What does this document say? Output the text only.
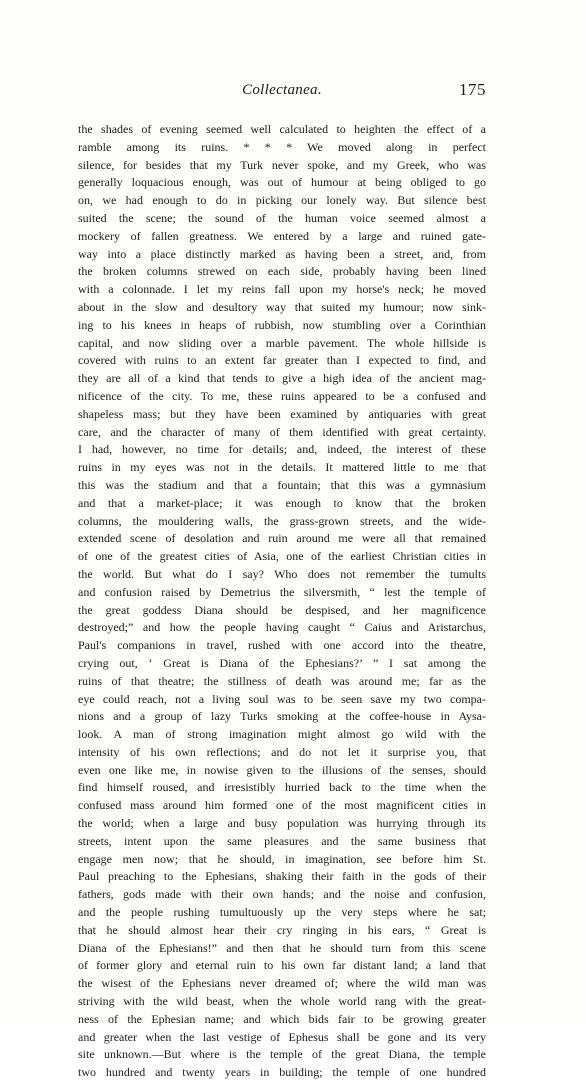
Collectanea.	175
the shades of evening seemed well calculated to heighten the effect of a
ramble among its ruins. * * * We moved along in perfect
silence, for besides that my Turk never spoke, and my Greek, who was
generally loquacious enough, was out of humour at being obliged to go
on, we had enough to do in picking our lonely way. But silence best
suited the scene; the sound of the human voice seemed almost a
mockery of fallen greatness. We entered by a large and ruined gate-
way into a place distinctly marked as having been a street, and, from
the broken columns strewed on each side, probably having been lined
with a colonnade. I let my reins fall upon my horse's neck; he moved
about in the slow and desultory way that suited my humour; now sink-
ing to his knees in heaps of rubbish, now stumbling over a Corinthian
capital, and now sliding over a marble pavement. The whole hillside is
covered with ruins to an extent far greater than I expected to find, and
they are all of a kind that tends to give a high idea of the ancient mag-
nificence of the city. To me, these ruins appeared to be a confused and
shapeless mass; but they have been examined by antiquaries with great
care, and the character of many of them identified with great certainty.
I had, however, no time for details; and, indeed, the interest of these
ruins in my eyes was not in the details. It mattered little to me that
this was the stadium and that a fountain; that this was a gymnasium
and that a market-place; it was enough to know that the broken
columns, the mouldering walls, the grass-grown streets, and the wide-
extended scene of desolation and ruin around me were all that remained
of one of the greatest cities of Asia, one of the earliest Christian cities in
the world. But what do I say? Who does not remember the tumults
and confusion raised by Demetrius the silversmith, “ lest the temple of
the great goddess Diana should be despised, and her magnificence
destroyed;” and how the people having caught “ Caius and Aristarchus,
Paul's companions in travel, rushed with one accord into the theatre,
crying out, ‘ Great is Diana of the Ephesians?’ ” I sat among the
ruins of that theatre; the stillness of death was around me; far as the
eye could reach, not a living soul was to be seen save my two compa-
nions and a group of lazy Turks smoking at the coffee-house in Aysa-
look. A man of strong imagination might almost go wild with the
intensity of his own reflections; and do not let it surprise you, that
even one like me, in nowise given to the illusions of the senses, should
find himself roused, and irresistibly hurried back to the time when the
confused mass around him formed one of the most magnificent cities in
the world; when a large and busy population was hurrying through its
streets, intent upon the same pleasures and the same business that
engage men now; that he should, in imagination, see before him St.
Paul preaching to the Ephesians, shaking their faith in the gods of their
fathers, gods made with their own hands; and the noise and confusion,
and the people rushing tumultuously up the very steps where he sat;
that he should almost hear their cry ringing in his ears, “ Great is
Diana of the Ephesians!” and then that he should turn from this scene
of former glory and eternal ruin to his own far distant land; a land that
the wisest of the Ephesians never dreamed of; where the wild man was
striving with the wild beast, when the whole world rang with the great-
ness of the Ephesian name; and which bids fair to be growing greater
and greater when the last vestige of Ephesus shall be gone and its very
site unknown.—But where is the temple of the great Diana, the temple
two hundred and twenty years in building; the temple of one hundred
